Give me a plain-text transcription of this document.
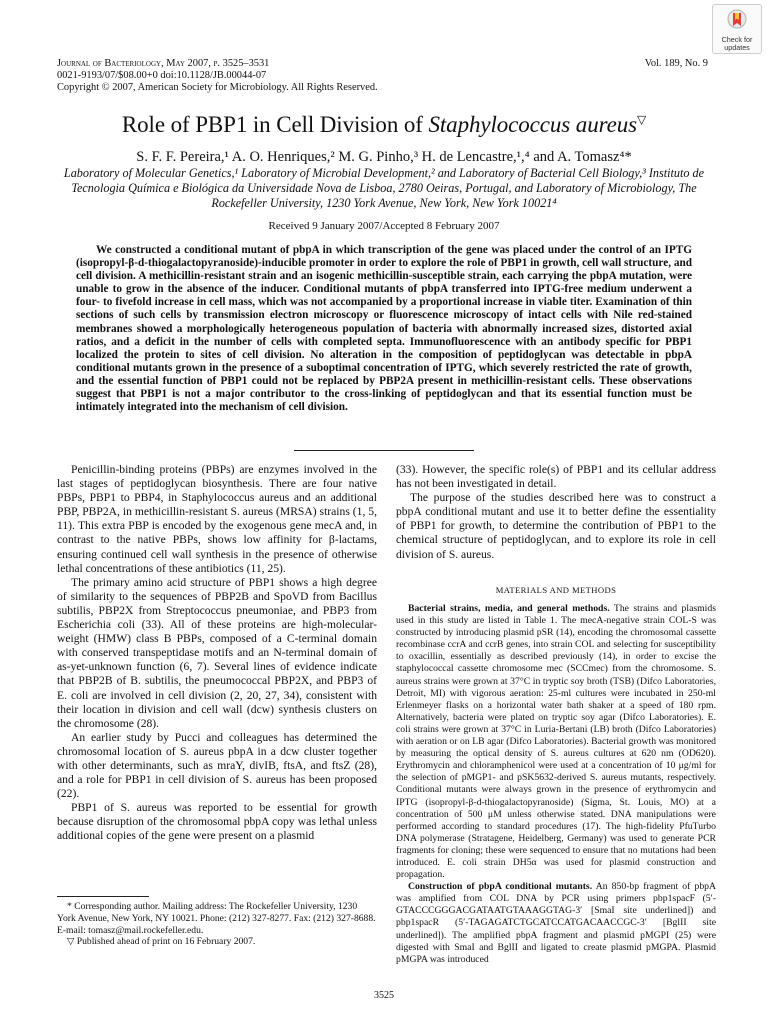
Journal of Bacteriology, May 2007, p. 3525–3531
0021-9193/07/$08.00+0 doi:10.1128/JB.00044-07
Copyright © 2007, American Society for Microbiology. All Rights Reserved.
Vol. 189, No. 9
Check for updates
Role of PBP1 in Cell Division of Staphylococcus aureus▽
S. F. F. Pereira,¹ A. O. Henriques,² M. G. Pinho,³ H. de Lencastre,¹,⁴ and A. Tomasz⁴*
Laboratory of Molecular Genetics,¹ Laboratory of Microbial Development,² and Laboratory of Bacterial Cell Biology,³ Instituto de Tecnologia Química e Biológica da Universidade Nova de Lisboa, 2780 Oeiras, Portugal, and Laboratory of Microbiology, The Rockefeller University, 1230 York Avenue, New York, New York 10021⁴
Received 9 January 2007/Accepted 8 February 2007

We constructed a conditional mutant of pbpA in which transcription of the gene was placed under the control of an IPTG (isopropyl-β-d-thiogalactopyranoside)-inducible promoter in order to explore the role of PBP1 in growth, cell wall structure, and cell division. A methicillin-resistant strain and an isogenic methicillin-susceptible strain, each carrying the pbpA mutation, were unable to grow in the absence of the inducer. Conditional mutants of pbpA transferred into IPTG-free medium underwent a four- to fivefold increase in cell mass, which was not accompanied by a proportional increase in viable titer. Examination of thin sections of such cells by transmission electron microscopy or fluorescence microscopy of intact cells with Nile red-stained membranes showed a morphologically heterogeneous population of bacteria with abnormally increased sizes, distorted axial ratios, and a deficit in the number of cells with completed septa. Immunofluorescence with an antibody specific for PBP1 localized the protein to sites of cell division. No alteration in the composition of peptidoglycan was detectable in pbpA conditional mutants grown in the presence of a suboptimal concentration of IPTG, which severely restricted the rate of growth, and the essential function of PBP1 could not be replaced by PBP2A present in methicillin-resistant cells. These observations suggest that PBP1 is not a major contributor to the cross-linking of peptidoglycan and that its essential function must be intimately integrated into the mechanism of cell division.

Penicillin-binding proteins (PBPs) are enzymes involved in the last stages of peptidoglycan biosynthesis. There are four native PBPs, PBP1 to PBP4, in Staphylococcus aureus and an additional PBP, PBP2A, in methicillin-resistant S. aureus (MRSA) strains (1, 5, 11). This extra PBP is encoded by the exogenous gene mecA and, in contrast to the native PBPs, shows low affinity for β-lactams, ensuring continued cell wall synthesis in the presence of otherwise lethal concentrations of these antibiotics (11, 25).

The primary amino acid structure of PBP1 shows a high degree of similarity to the sequences of PBP2B and SpoVD from Bacillus subtilis, PBP2X from Streptococcus pneumoniae, and PBP3 from Escherichia coli (33). All of these proteins are high-molecular-weight (HMW) class B PBPs, composed of a C-terminal domain with conserved transpeptidase motifs and an N-terminal domain of as-yet-unknown function (6, 7). Several lines of evidence indicate that PBP2B of B. subtilis, the pneumococcal PBP2X, and PBP3 of E. coli are involved in cell division (2, 20, 27, 34), consistent with their location in division and cell wall (dcw) synthesis clusters on the chromosome (28).

An earlier study by Pucci and colleagues has determined the chromosomal location of S. aureus pbpA in a dcw cluster together with other determinants, such as mraY, divIB, ftsA, and ftsZ (28), and a role for PBP1 in cell division of S. aureus has been proposed (22).

PBP1 of S. aureus was reported to be essential for growth because disruption of the chromosomal pbpA copy was lethal unless additional copies of the gene were present on a plasmid

(33). However, the specific role(s) of PBP1 and its cellular address has not been investigated in detail.

The purpose of the studies described here was to construct a pbpA conditional mutant and use it to better define the essentiality of PBP1 for growth, to determine the contribution of PBP1 to the chemical structure of peptidoglycan, and to explore its role in cell division of S. aureus.

MATERIALS AND METHODS

Bacterial strains, media, and general methods. The strains and plasmids used in this study are listed in Table 1. The mecA-negative strain COL-S was constructed by introducing plasmid pSR (14), encoding the chromosomal cassette recombinase ccrA and ccrB genes, into strain COL and selecting for susceptibility to oxacillin, essentially as described previously (14), in order to excise the staphylococcal cassette chromosome mec (SCCmec) from the chromosome. S. aureus strains were grown at 37°C in tryptic soy broth (TSB) (Difco Laboratories, Detroit, MI) with vigorous aeration: 25-ml cultures were incubated in 250-ml Erlenmeyer flasks on a horizontal water bath shaker at a speed of 180 rpm. Alternatively, bacteria were plated on tryptic soy agar (Difco Laboratories). E. coli strains were grown at 37°C in Luria-Bertani (LB) broth (Difco Laboratories) with aeration or on LB agar (Difco Laboratories). Bacterial growth was monitored by measuring the optical density of S. aureus cultures at 620 nm (OD620). Erythromycin and chloramphenicol were used at a concentration of 10 μg/ml for the selection of pMGP1- and pSK5632-derived S. aureus mutants, respectively. Conditional mutants were always grown in the presence of erythromycin and IPTG (isopropyl-β-d-thiogalactopyranoside) (Sigma, St. Louis, MO) at a concentration of 500 μM unless otherwise stated. DNA manipulations were performed according to standard procedures (17). The high-fidelity PfuTurbo DNA polymerase (Stratagene, Heidelberg, Germany) was used to generate PCR fragments for cloning; these were sequenced to ensure that no mutations had been introduced. E. coli strain DH5α was used for plasmid construction and propagation.

Construction of pbpA conditional mutants. An 850-bp fragment of pbpA was amplified from COL DNA by PCR using primers pbp1spacF (5′-GTACCCGGGACGATAATGTAAAGGTAG-3′ [SmaI site underlined]) and pbp1spacR (5′-TAGAGATCTGCATCCATGACAACCGC-3′ [BglII site underlined]). The amplified pbpA fragment and plasmid pMGPI (25) were digested with SmaI and BglII and ligated to create plasmid pMGPA. Plasmid pMGPA was introduced

* Corresponding author. Mailing address: The Rockefeller University, 1230 York Avenue, New York, NY 10021. Phone: (212) 327-8277. Fax: (212) 327-8688. E-mail: tomasz@mail.rockefeller.edu.

▽ Published ahead of print on 16 February 2007.

3525
